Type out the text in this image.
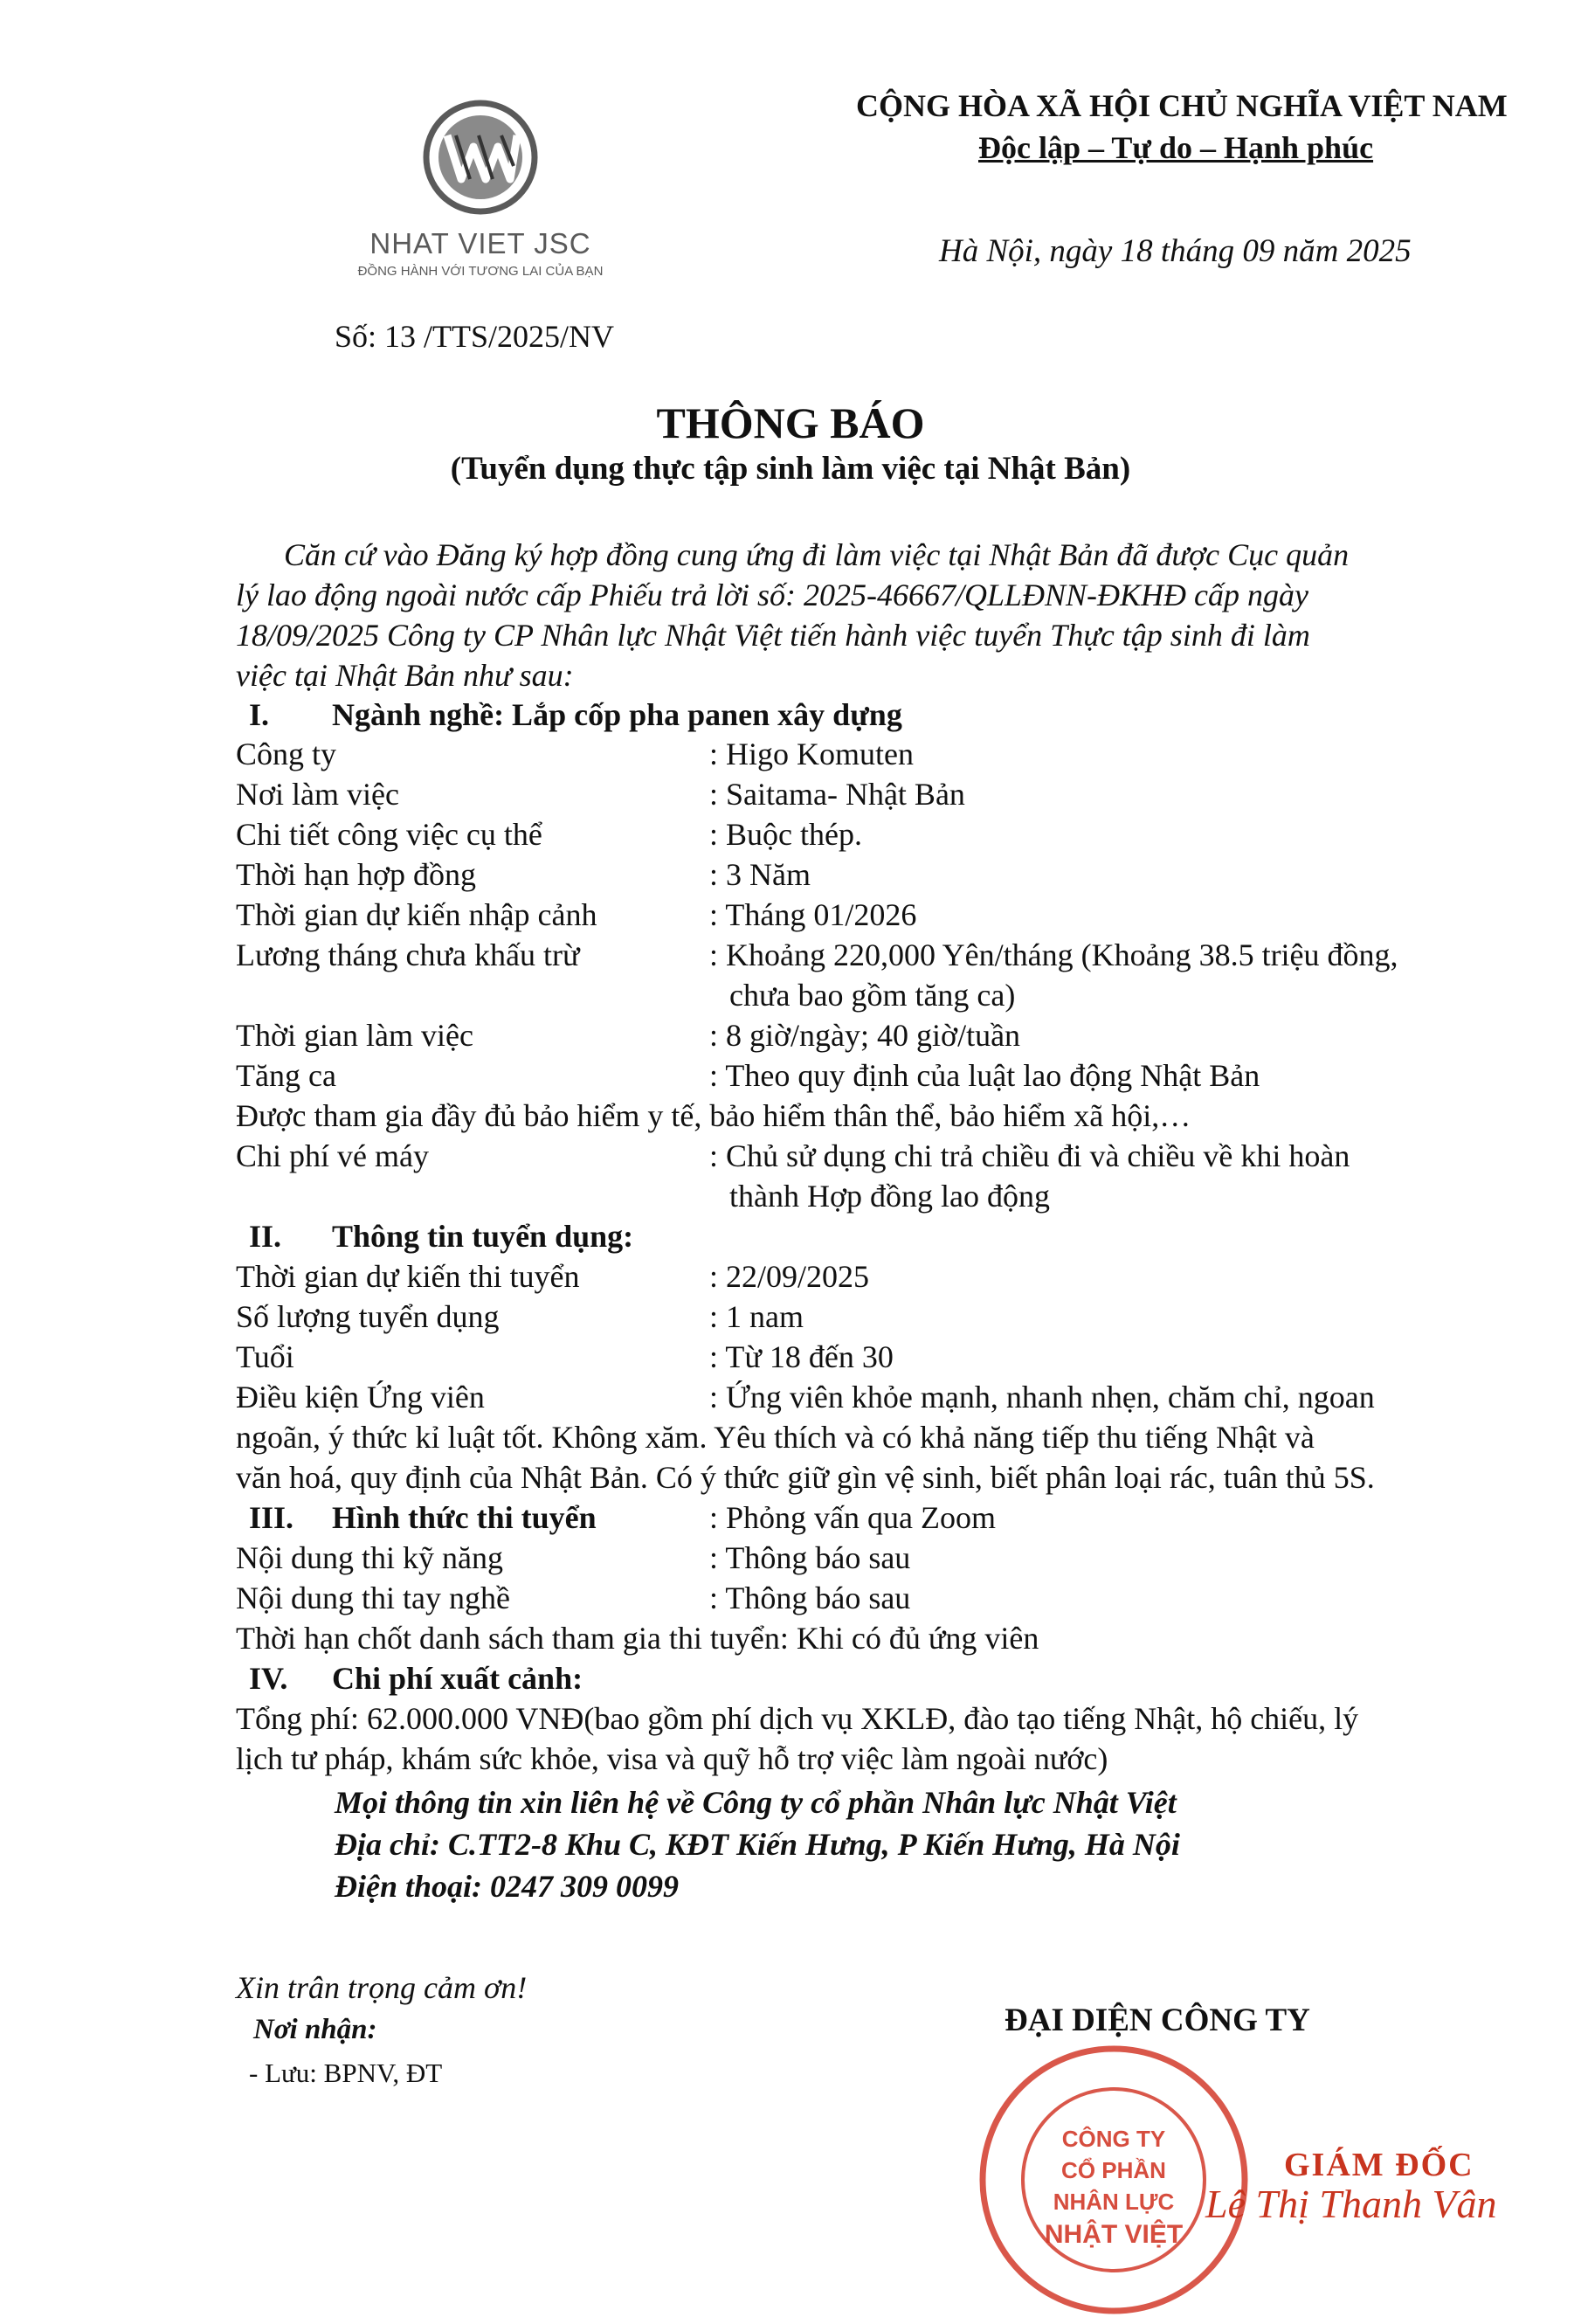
NHAT VIET JSC
ĐỒNG HÀNH VỚI TƯƠNG LAI CỦA BẠN
CỘNG HÒA XÃ HỘI CHỦ NGHĨA VIỆT NAM
Độc lập – Tự do – Hạnh phúc
Hà Nội, ngày 18 tháng 09 năm 2025
Số: 13 /TTS/2025/NV
THÔNG BÁO
(Tuyển dụng thực tập sinh làm việc tại Nhật Bản)
Căn cứ vào Đăng ký hợp đồng cung ứng đi làm việc tại Nhật Bản đã được Cục quản
lý lao động ngoài nước cấp Phiếu trả lời số: 2025-46667/QLLĐNN-ĐKHĐ cấp ngày
18/09/2025 Công ty CP Nhân lực Nhật Việt tiến hành việc tuyển Thực tập sinh đi làm
việc tại Nhật Bản như sau:
I. Ngành nghề: Lắp cốp pha panen xây dựng
Công ty	: Higo Komuten
Nơi làm việc	: Saitama- Nhật Bản
Chi tiết công việc cụ thể	: Buộc thép.
Thời hạn hợp đồng	: 3 Năm
Thời gian dự kiến nhập cảnh	: Tháng 01/2026
Lương tháng chưa khấu trừ	: Khoảng 220,000 Yên/tháng (Khoảng 38.5 triệu đồng,
chưa bao gồm tăng ca)
Thời gian làm việc	: 8 giờ/ngày; 40 giờ/tuần
Tăng ca	: Theo quy định của luật lao động Nhật Bản
Được tham gia đầy đủ bảo hiểm y tế, bảo hiểm thân thể, bảo hiểm xã hội,…
Chi phí vé máy	: Chủ sử dụng chi trả chiều đi và chiều về khi hoàn
thành Hợp đồng lao động
II. Thông tin tuyển dụng:
Thời gian dự kiến thi tuyển	: 22/09/2025
Số lượng tuyển dụng	: 1 nam
Tuổi	: Từ 18 đến 30
Điều kiện Ứng viên	: Ứng viên khỏe mạnh, nhanh nhẹn, chăm chỉ, ngoan
ngoãn, ý thức kỉ luật tốt. Không xăm. Yêu thích và có khả năng tiếp thu tiếng Nhật và
văn hoá, quy định của Nhật Bản. Có ý thức giữ gìn vệ sinh, biết phân loại rác, tuân thủ 5S.
III. Hình thức thi tuyển	: Phỏng vấn qua Zoom
Nội dung thi kỹ năng	: Thông báo sau
Nội dung thi tay nghề	: Thông báo sau
Thời hạn chốt danh sách tham gia thi tuyển: Khi có đủ ứng viên
IV. Chi phí xuất cảnh:
Tổng phí: 62.000.000 VNĐ(bao gồm phí dịch vụ XKLĐ, đào tạo tiếng Nhật, hộ chiếu, lý
lịch tư pháp, khám sức khỏe, visa và quỹ hỗ trợ việc làm ngoài nước)
Mọi thông tin xin liên hệ về Công ty cổ phần Nhân lực Nhật Việt
Địa chỉ: C.TT2-8 Khu C, KĐT Kiến Hưng, P Kiến Hưng, Hà Nội
Điện thoại: 0247 309 0099
Xin trân trọng cảm ơn!
Nơi nhận:
- Lưu: BPNV, ĐT
ĐẠI DIỆN CÔNG TY
CÔNG TY
CỔ PHẦN
NHÂN LỰC
NHẬT VIỆT
GIÁM ĐỐC
Lê Thị Thanh Vân
